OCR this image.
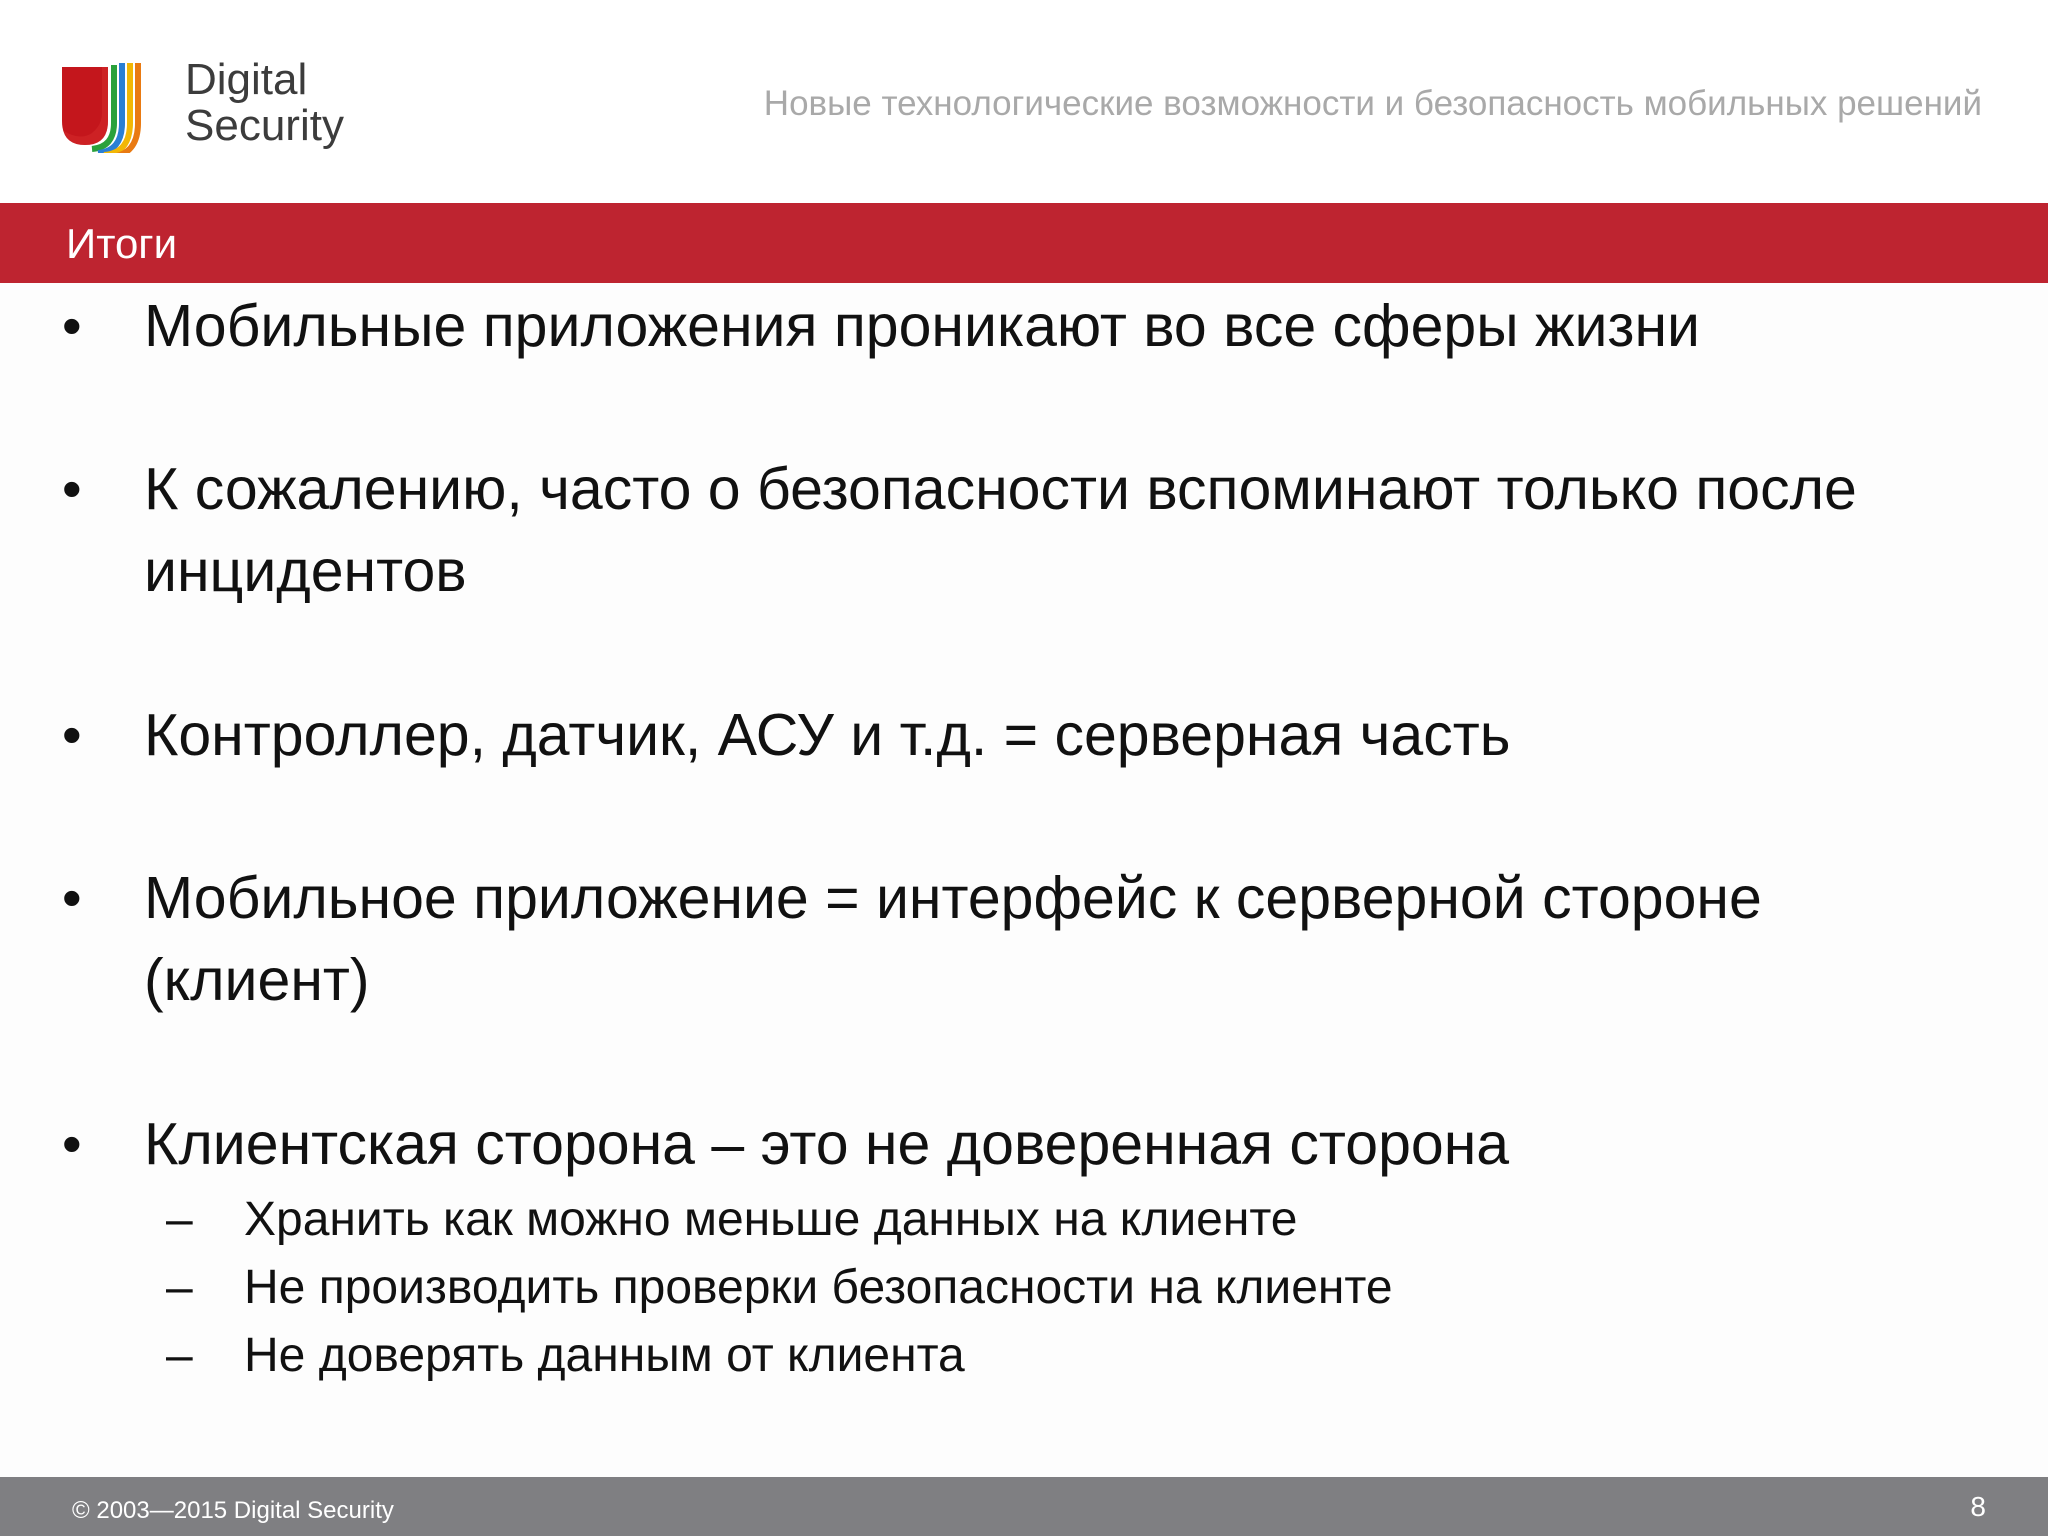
Digital
Security	Новые технологические возможности и безопасность мобильных решений
Итоги
• Мобильные приложения проникают во все сферы жизни
• К сожалению, часто о безопасности вспоминают только после инцидентов
• Контроллер, датчик, АСУ и т.д. = серверная часть
• Мобильное приложение = интерфейс к серверной стороне (клиент)
• Клиентская сторона – это не доверенная сторона
– Хранить как можно меньше данных на клиенте
– Не производить проверки безопасности на клиенте
– Не доверять данным от клиента
© 2003—2015 Digital Security	8
